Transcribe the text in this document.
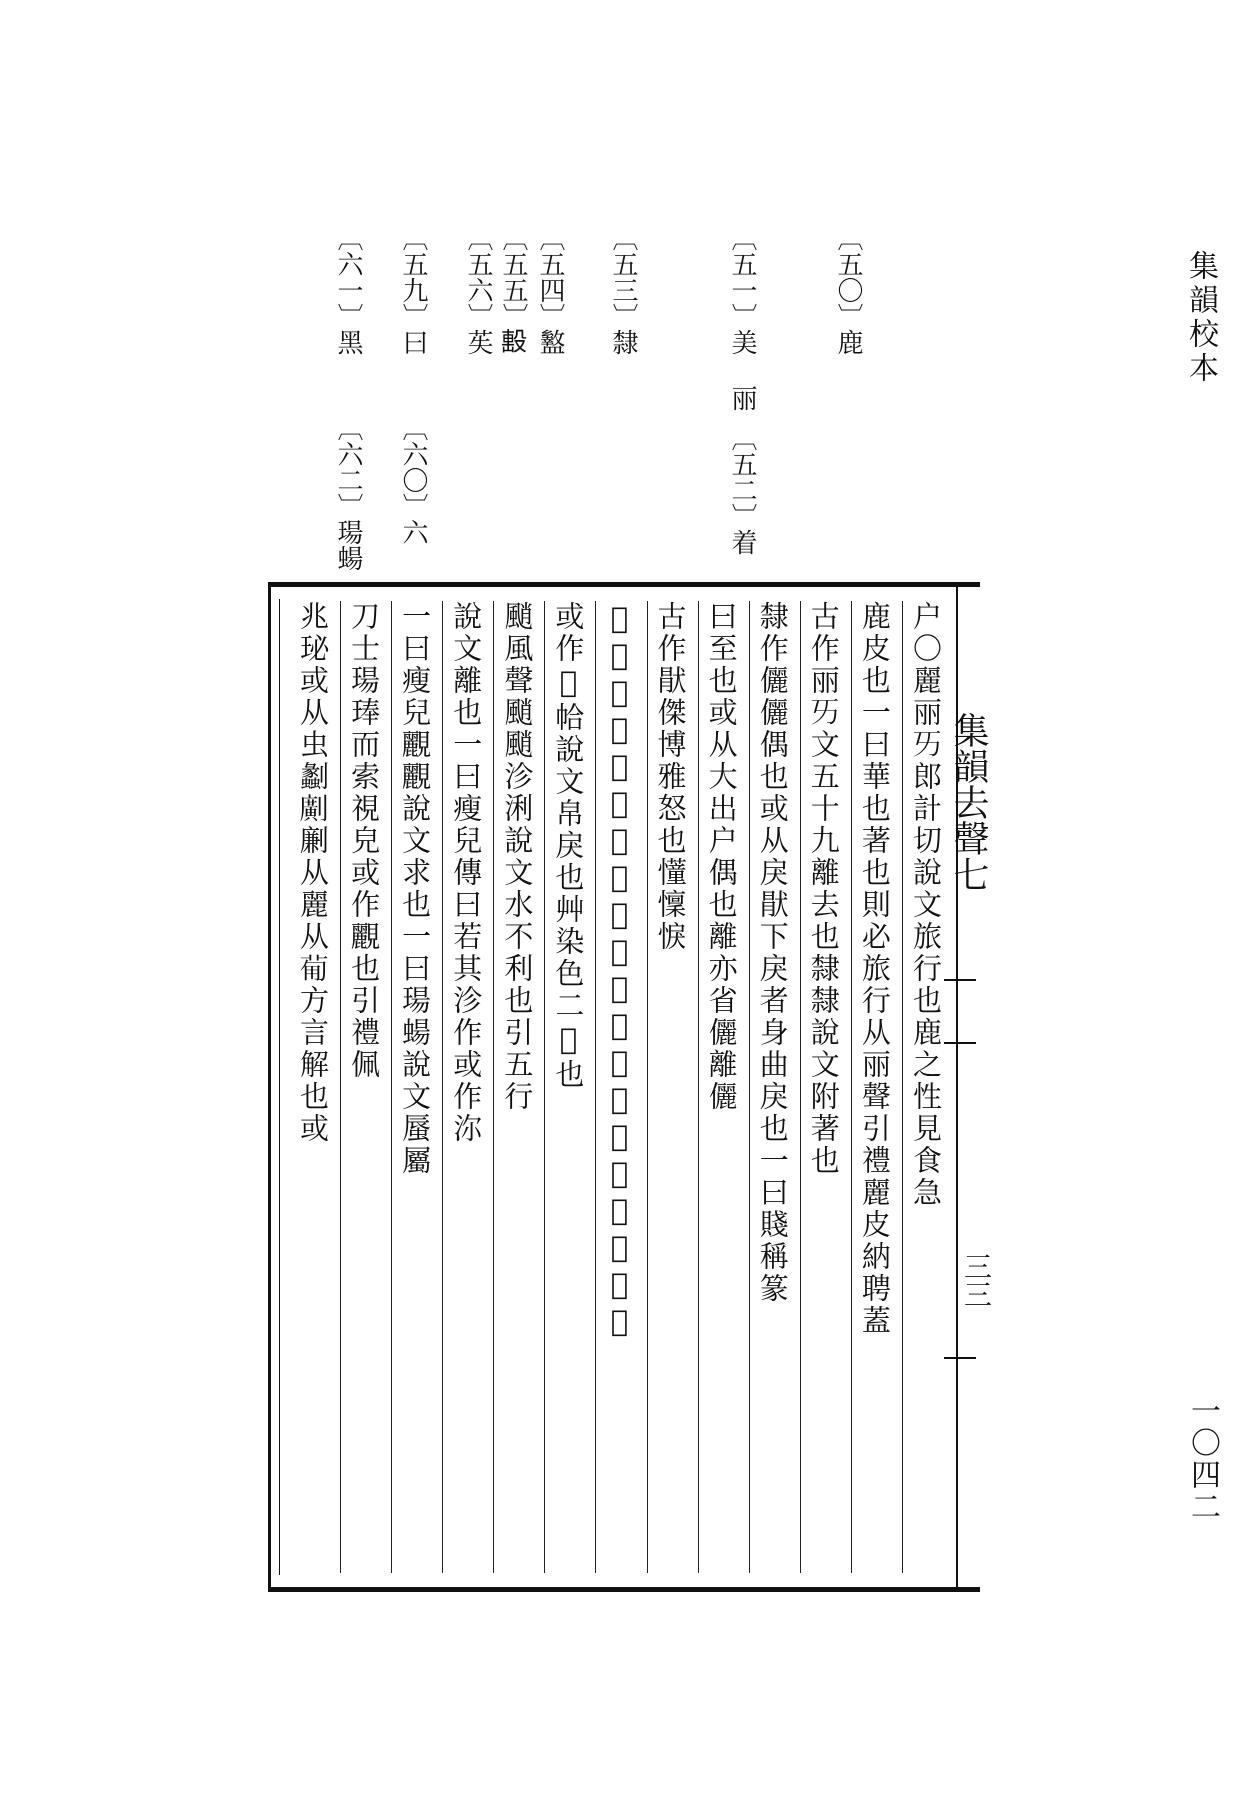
集韻校本
一〇四二
〔五〇〕鹿
〔五一〕美 丽
〔五二〕着
〔五三〕隸
〔五四〕盭
〔五五〕𣪠
〔五六〕苵
〔五九〕曰
〔六〇〕六
〔六一〕黑
〔六二〕瑒蝪
集韻去聲七
三三
户〇麗丽𠀅郎計切說文旅行也鹿之性見食急
鹿皮也一曰華也著也則必旅行从丽聲引禮麗皮納聘蓋
古作丽𠀅文五十九離去也隸隸說文附著也
隸作儷儷偶也或从戾猒下戾者身曲戾也一曰賤稱篆
曰至也或从大出户偶也離亦省儷離儷
古作猒傑博雅怒也𢤦懍悷
𡖉說文弼戾也或省通作戾悲兒蹊䟶跛足或从肉
或作𩙧帢說文帛戾也艸染色二𣪠也
颵風聲颵颵沴浰說文水不利也引五行
說文離也一曰瘦兒傳曰若其沴作或作沵
一曰瘦兒䚕䚕說文求也一曰瑒蝪說文蜃屬
刀士瑒琫而索視皃或作䚕也引禮佩
兆珌或从虫劙𠠎劆从麗从𤰈方言解也或
